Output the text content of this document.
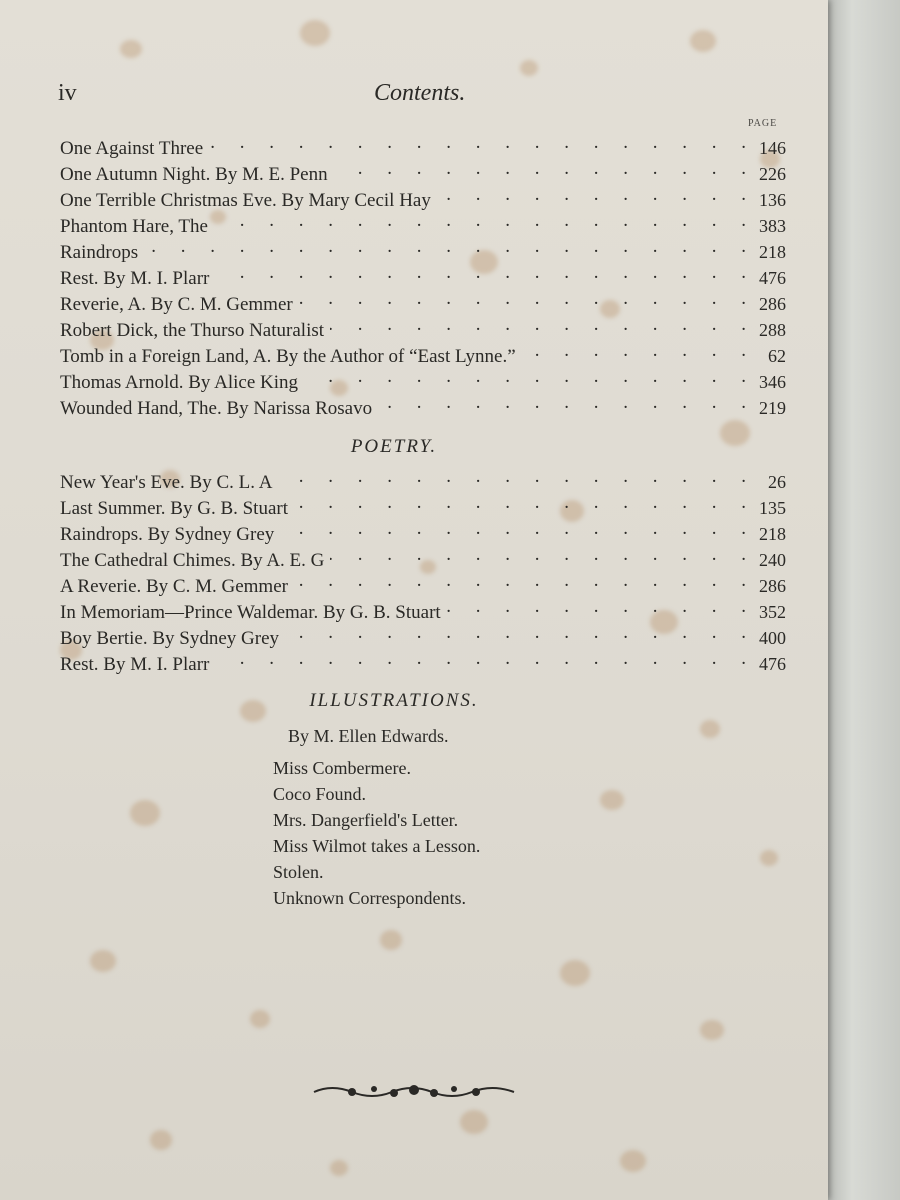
iv	Contents.
PAGE
One Against Three . . .	146
One Autumn Night. By M. E. Penn . . .	226
One Terrible Christmas Eve. By Mary Cecil Hay . . .	136
Phantom Hare, The . . .	383
Raindrops . . .	218
Rest. By M. I. Plarr . . .	476
Reverie, A. By C. M. Gemmer . . .	286
Robert Dick, the Thurso Naturalist . . .	288
Tomb in a Foreign Land, A. By the Author of “East Lynne.” . . .	62
Thomas Arnold. By Alice King . . .	346
Wounded Hand, The. By Narissa Rosavo . . .	219
POETRY.
New Year's Eve. By C. L. A . . .	26
Last Summer. By G. B. Stuart . . .	135
Raindrops. By Sydney Grey . . .	218
The Cathedral Chimes. By A. E. G . . .	240
A Reverie. By C. M. Gemmer . . .	286
In Memoriam—Prince Waldemar. By G. B. Stuart . . .	352
Boy Bertie. By Sydney Grey . . .	400
Rest. By M. I. Plarr . . .	476
ILLUSTRATIONS.
By M. Ellen Edwards.
Miss Combermere.
Coco Found.
Mrs. Dangerfield's Letter.
Miss Wilmot takes a Lesson.
Stolen.
Unknown Correspondents.
